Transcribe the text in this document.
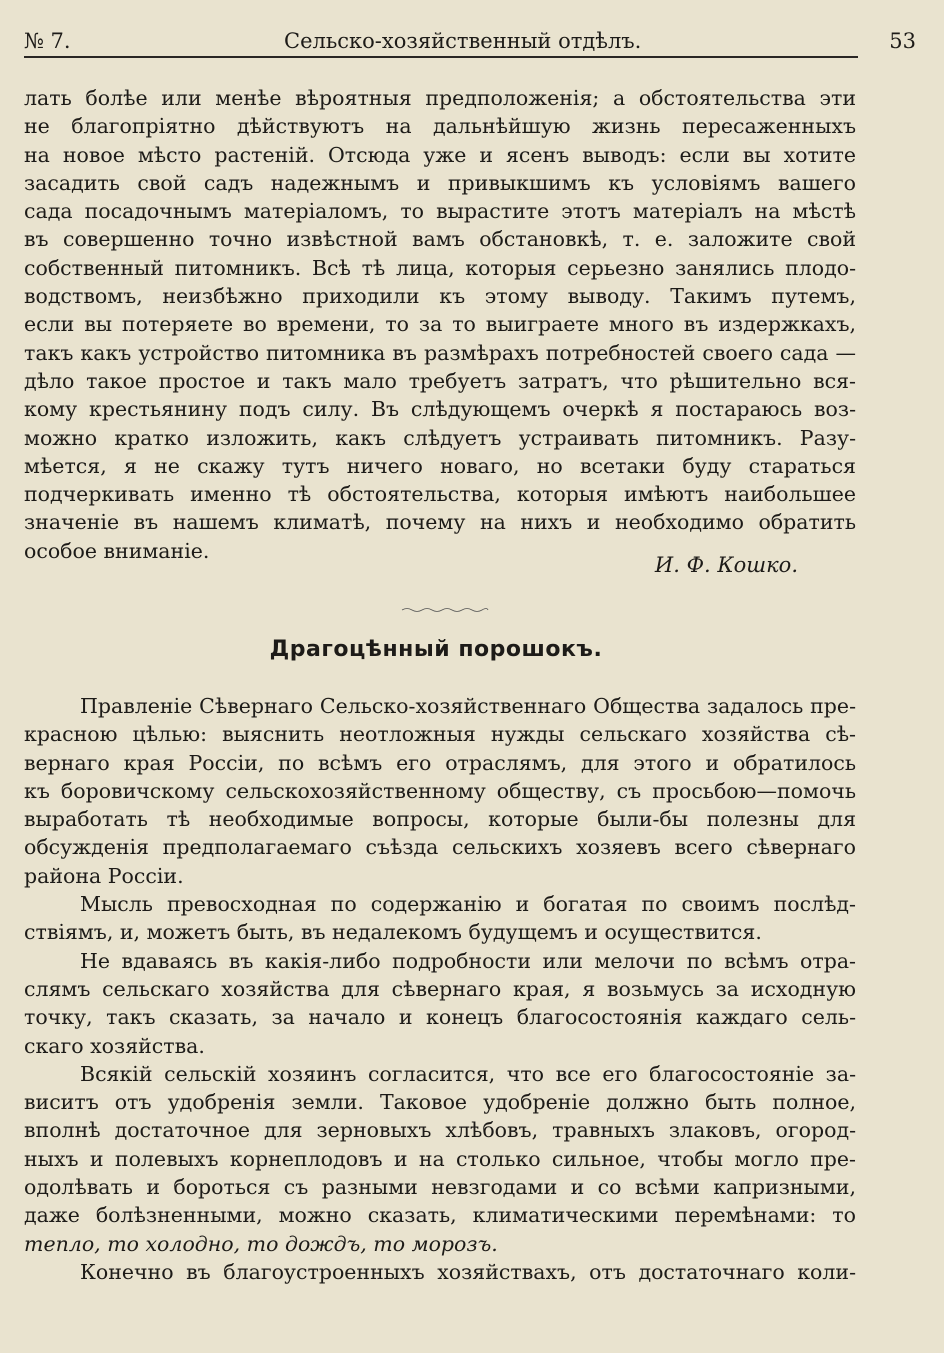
№ 7.	Сельско-хозяйственный отдѣлъ.	53
лать болѣе или менѣе вѣроятныя предположенія; а обстоятельства эти
не благопріятно дѣйствуютъ на дальнѣйшую жизнь пересаженныхъ
на новое мѣсто растеній. Отсюда уже и ясенъ выводъ: если вы хотите
засадить свой садъ надежнымъ и привыкшимъ къ условіямъ вашего
сада посадочнымъ матеріаломъ, то вырастите этотъ матеріалъ на мѣстѣ
въ совершенно точно извѣстной вамъ обстановкѣ, т. е. заложите свой
собственный питомникъ. Всѣ тѣ лица, которыя серьезно занялись плодо-
водствомъ, неизбѣжно приходили къ этому выводу. Такимъ путемъ,
если вы потеряете во времени, то за то выиграете много въ издержкахъ,
такъ какъ устройство питомника въ размѣрахъ потребностей своего сада —
дѣло такое простое и такъ мало требуетъ затратъ, что рѣшительно вся-
кому крестьянину подъ силу. Въ слѣдующемъ очеркѣ я постараюсь воз-
можно кратко изложить, какъ слѣдуетъ устраивать питомникъ. Разу-
мѣется, я не скажу тутъ ничего новаго, но всетаки буду стараться
подчеркивать именно тѣ обстоятельства, которыя имѣютъ наибольшее
значеніе въ нашемъ климатѣ, почему на нихъ и необходимо обратить
особое вниманіе.
И. Ф. Кошко.
Драгоцѣнный порошокъ.
Правленіе Сѣвернаго Сельско-хозяйственнаго Общества задалось пре-
красною цѣлью: выяснить неотложныя нужды сельскаго хозяйства сѣ-
вернаго края Россіи, по всѣмъ его отраслямъ, для этого и обратилось
къ боровичскому сельскохозяйственному обществу, съ просьбою—помочь
выработать тѣ необходимые вопросы, которые были-бы полезны для
обсужденія предполагаемаго съѣзда сельскихъ хозяевъ всего сѣвернаго
района Россіи.
Мысль превосходная по содержанію и богатая по своимъ послѣд-
ствіямъ, и, можетъ быть, въ недалекомъ будущемъ и осуществится.
Не вдаваясь въ какія-либо подробности или мелочи по всѣмъ отра-
слямъ сельскаго хозяйства для сѣвернаго края, я возьмусь за исходную
точку, такъ сказать, за начало и конецъ благосостоянія каждаго сель-
скаго хозяйства.
Всякій сельскій хозяинъ согласится, что все его благосостояніе за-
виситъ отъ удобренія земли. Таковое удобреніе должно быть полное,
вполнѣ достаточное для зерновыхъ хлѣбовъ, травныхъ злаковъ, огород-
ныхъ и полевыхъ корнеплодовъ и на столько сильное, чтобы могло пре-
одолѣвать и бороться съ разными невзгодами и со всѣми капризными,
даже болѣзненными, можно сказать, климатическими перемѣнами: то
тепло, то холодно, то дождъ, то морозъ.
Конечно въ благоустроенныхъ хозяйствахъ, отъ достаточнаго коли-
